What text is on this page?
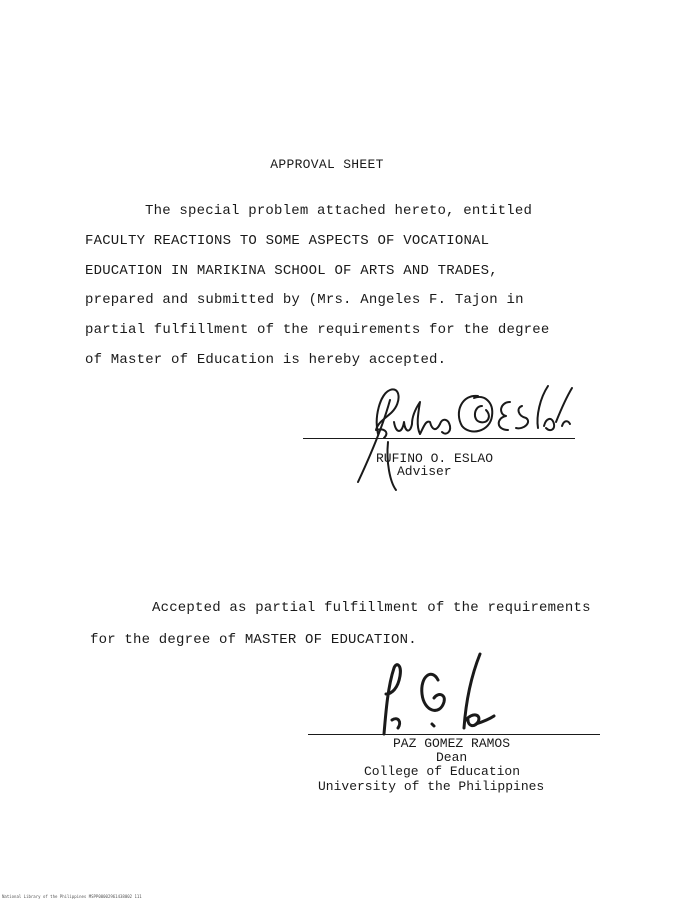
APPROVAL SHEET
The special problem attached hereto, entitled
FACULTY REACTIONS TO SOME ASPECTS OF VOCATIONAL
EDUCATION IN MARIKINA SCHOOL OF ARTS AND TRADES,
prepared and submitted by (Mrs. Angeles F. Tajon in
partial fulfillment of the requirements for the degree
of Master of Education is hereby accepted.
RUFINO O. ESLAO
Adviser
Accepted as partial fulfillment of the requirements
for the degree of MASTER OF EDUCATION.
PAZ GOMEZ RAMOS
Dean
College of Education
University of the Philippines
National Library of the Philippines MSPP00002961438002 111
